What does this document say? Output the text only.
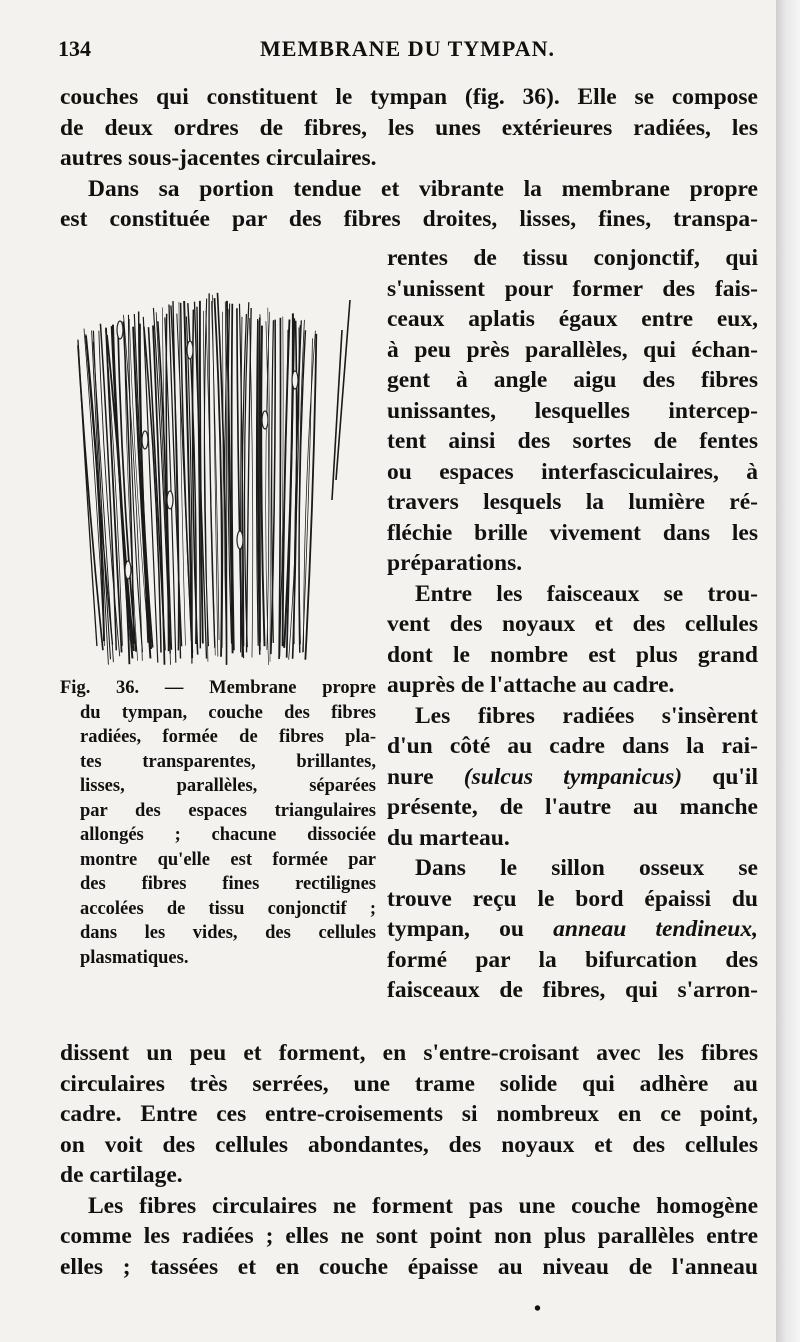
134	MEMBRANE DU TYMPAN.
couches qui constituent le tympan (fig. 36). Elle se compose
de deux ordres de fibres, les unes extérieures radiées, les
autres sous-jacentes circulaires.
Dans sa portion tendue et vibrante la membrane propre
est constituée par des fibres droites, lisses, fines, transpa-
Fig. 36. — Membrane propre
du tympan, couche des fibres
radiées, formée de fibres pla-
tes transparentes, brillantes,
lisses, parallèles, séparées
par des espaces triangulaires
allongés ; chacune dissociée
montre qu'elle est formée par
des fibres fines rectilignes
accolées de tissu conjonctif ;
dans les vides, des cellules
plasmatiques.
rentes de tissu conjonctif, qui
s'unissent pour former des fais-
ceaux aplatis égaux entre eux,
à peu près parallèles, qui échan-
gent à angle aigu des fibres
unissantes, lesquelles intercep-
tent ainsi des sortes de fentes
ou espaces interfasciculaires, à
travers lesquels la lumière ré-
fléchie brille vivement dans les
préparations.
Entre les faisceaux se trou-
vent des noyaux et des cellules
dont le nombre est plus grand
auprès de l'attache au cadre.
Les fibres radiées s'insèrent
d'un côté au cadre dans la rai-
nure (sulcus tympanicus) qu'il
présente, de l'autre au manche
du marteau.
Dans le sillon osseux se
trouve reçu le bord épaissi du
tympan, ou anneau tendineux,
formé par la bifurcation des
faisceaux de fibres, qui s'arron-
dissent un peu et forment, en s'entre-croisant avec les fibres
circulaires très serrées, une trame solide qui adhère au
cadre. Entre ces entre-croisements si nombreux en ce point,
on voit des cellules abondantes, des noyaux et des cellules
de cartilage.
Les fibres circulaires ne forment pas une couche homogène
comme les radiées ; elles ne sont point non plus parallèles entre
elles ; tassées et en couche épaisse au niveau de l'anneau
•
